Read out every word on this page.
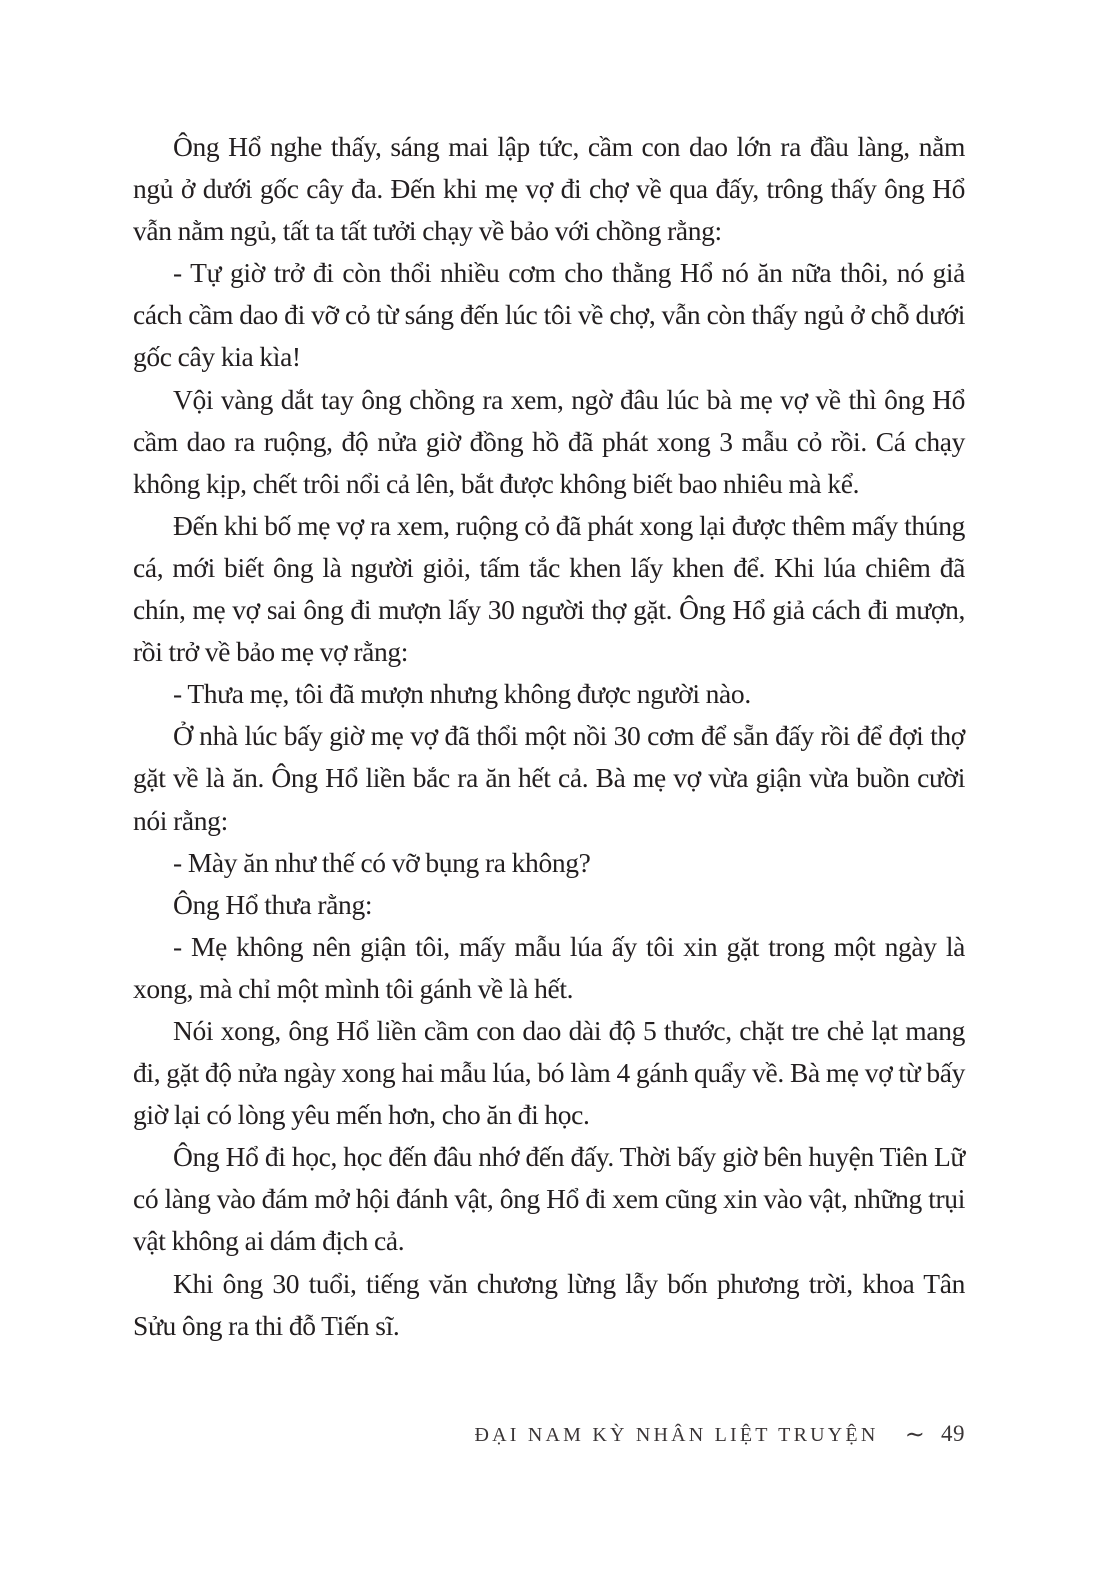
Ông Hổ nghe thấy, sáng mai lập tức, cầm con dao lớn ra đầu làng, nằm ngủ ở dưới gốc cây đa. Đến khi mẹ vợ đi chợ về qua đấy, trông thấy ông Hổ vẫn nằm ngủ, tất ta tất tưởi chạy về bảo với chồng rằng:

- Tự giờ trở đi còn thổi nhiều cơm cho thằng Hổ nó ăn nữa thôi, nó giả cách cầm dao đi vỡ cỏ từ sáng đến lúc tôi về chợ, vẫn còn thấy ngủ ở chỗ dưới gốc cây kia kìa!

Vội vàng dắt tay ông chồng ra xem, ngờ đâu lúc bà mẹ vợ về thì ông Hổ cầm dao ra ruộng, độ nửa giờ đồng hồ đã phát xong 3 mẫu cỏ rồi. Cá chạy không kịp, chết trôi nổi cả lên, bắt được không biết bao nhiêu mà kể.

Đến khi bố mẹ vợ ra xem, ruộng cỏ đã phát xong lại được thêm mấy thúng cá, mới biết ông là người giỏi, tấm tắc khen lấy khen để. Khi lúa chiêm đã chín, mẹ vợ sai ông đi mượn lấy 30 người thợ gặt. Ông Hổ giả cách đi mượn, rồi trở về bảo mẹ vợ rằng:

- Thưa mẹ, tôi đã mượn nhưng không được người nào.

Ở nhà lúc bấy giờ mẹ vợ đã thổi một nồi 30 cơm để sẵn đấy rồi để đợi thợ gặt về là ăn. Ông Hổ liền bắc ra ăn hết cả. Bà mẹ vợ vừa giận vừa buồn cười nói rằng:

- Mày ăn như thế có vỡ bụng ra không?

Ông Hổ thưa rằng:

- Mẹ không nên giận tôi, mấy mẫu lúa ấy tôi xin gặt trong một ngày là xong, mà chỉ một mình tôi gánh về là hết.

Nói xong, ông Hổ liền cầm con dao dài độ 5 thước, chặt tre chẻ lạt mang đi, gặt độ nửa ngày xong hai mẫu lúa, bó làm 4 gánh quẩy về. Bà mẹ vợ từ bấy giờ lại có lòng yêu mến hơn, cho ăn đi học.

Ông Hổ đi học, học đến đâu nhớ đến đấy. Thời bấy giờ bên huyện Tiên Lữ có làng vào đám mở hội đánh vật, ông Hổ đi xem cũng xin vào vật, những trụi vật không ai dám địch cả.

Khi ông 30 tuổi, tiếng văn chương lừng lẫy bốn phương trời, khoa Tân Sửu ông ra thi đỗ Tiến sĩ.

ĐẠI NAM KỲ NHÂN LIỆT TRUYỆN ∼ 49
